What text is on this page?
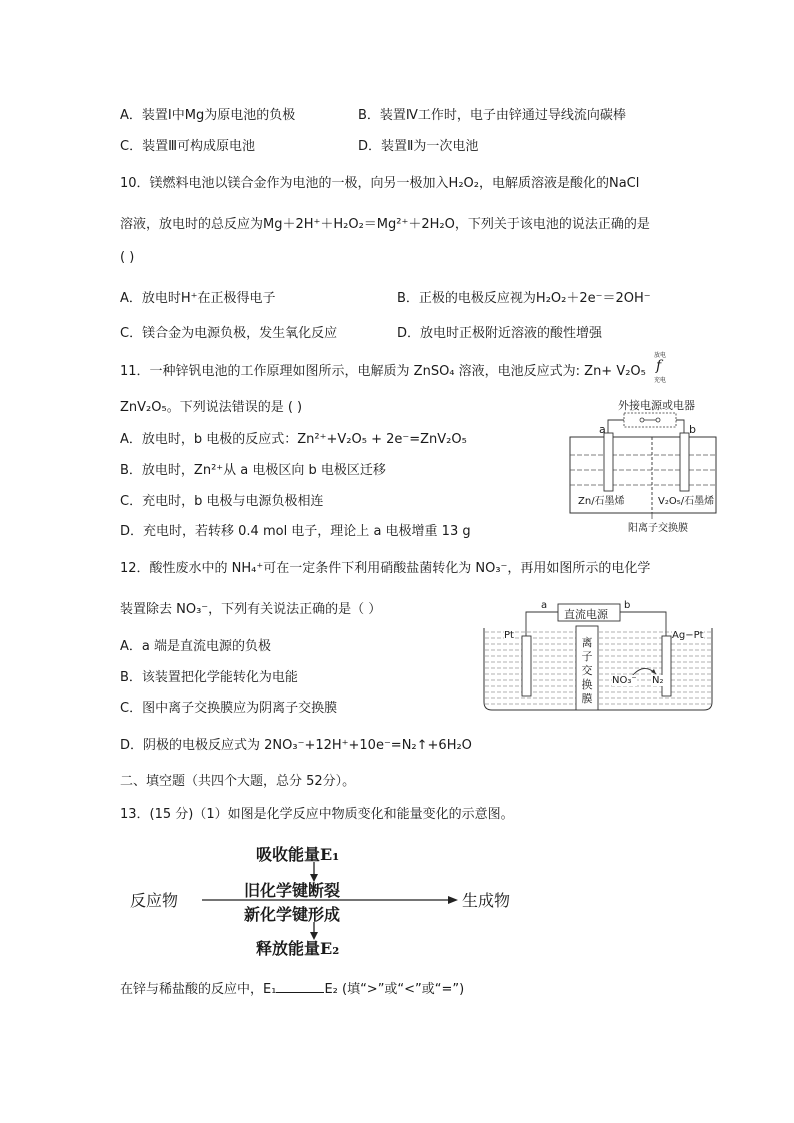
A．装置Ⅰ中Mg为原电池的负极	B．装置Ⅳ工作时，电子由锌通过导线流向碳棒
C．装置Ⅲ可构成原电池	D．装置Ⅱ为一次电池
10．镁燃料电池以镁合金作为电池的一极，向另一极加入H₂O₂，电解质溶液是酸化的NaCl
溶液，放电时的总反应为Mg＋2H⁺＋H₂O₂＝Mg²⁺＋2H₂O，下列关于该电池的说法正确的是
( )
A．放电时H⁺在正极得电子	B．正极的电极反应视为H₂O₂＋2e⁻＝2OH⁻
C．镁合金为电源负极，发生氧化反应	D．放电时正极附近溶液的酸性增强
11．一种锌钒电池的工作原理如图所示，电解质为 ZnSO₄ 溶液，电池反应式为: Zn+ V₂O₅
放电
f
充电
ZnV₂O₅。下列说法错误的是 ( )
A．放电时，b 电极的反应式：Zn²⁺+V₂O₅ + 2e⁻=ZnV₂O₅
B．放电时，Zn²⁺从 a 电极区向 b 电极区迁移
C．充电时，b 电极与电源负极相连
D．充电时，若转移 0.4 mol 电子，理论上 a 电极增重 13 g
外接电源或电器
a	b
Zn/石墨烯	V₂O₅/石墨烯
阳离子交换膜
12．酸性废水中的 NH₄⁺可在一定条件下利用硝酸盐菌转化为 NO₃⁻，再用如图所示的电化学
装置除去 NO₃⁻，下列有关说法正确的是（ ）
A．a 端是直流电源的负极
B．该装置把化学能转化为电能
C．图中离子交换膜应为阴离子交换膜
D．阴极的电极反应式为 2NO₃⁻+12H⁺+10e⁻=N₂↑+6H₂O
直流电源
a	b
Pt	Ag−Pt
离
子
交
换
膜
NO₃⁻ N₂
二、填空题（共四个大题，总分 52分）。
13．(15 分)（1）如图是化学反应中物质变化和能量变化的示意图。
吸收能量E₁
旧化学键断裂
反应物	生成物
新化学键形成
释放能量E₂
在锌与稀盐酸的反应中，E₁	E₂ (填“>”或“<”或“=”)
